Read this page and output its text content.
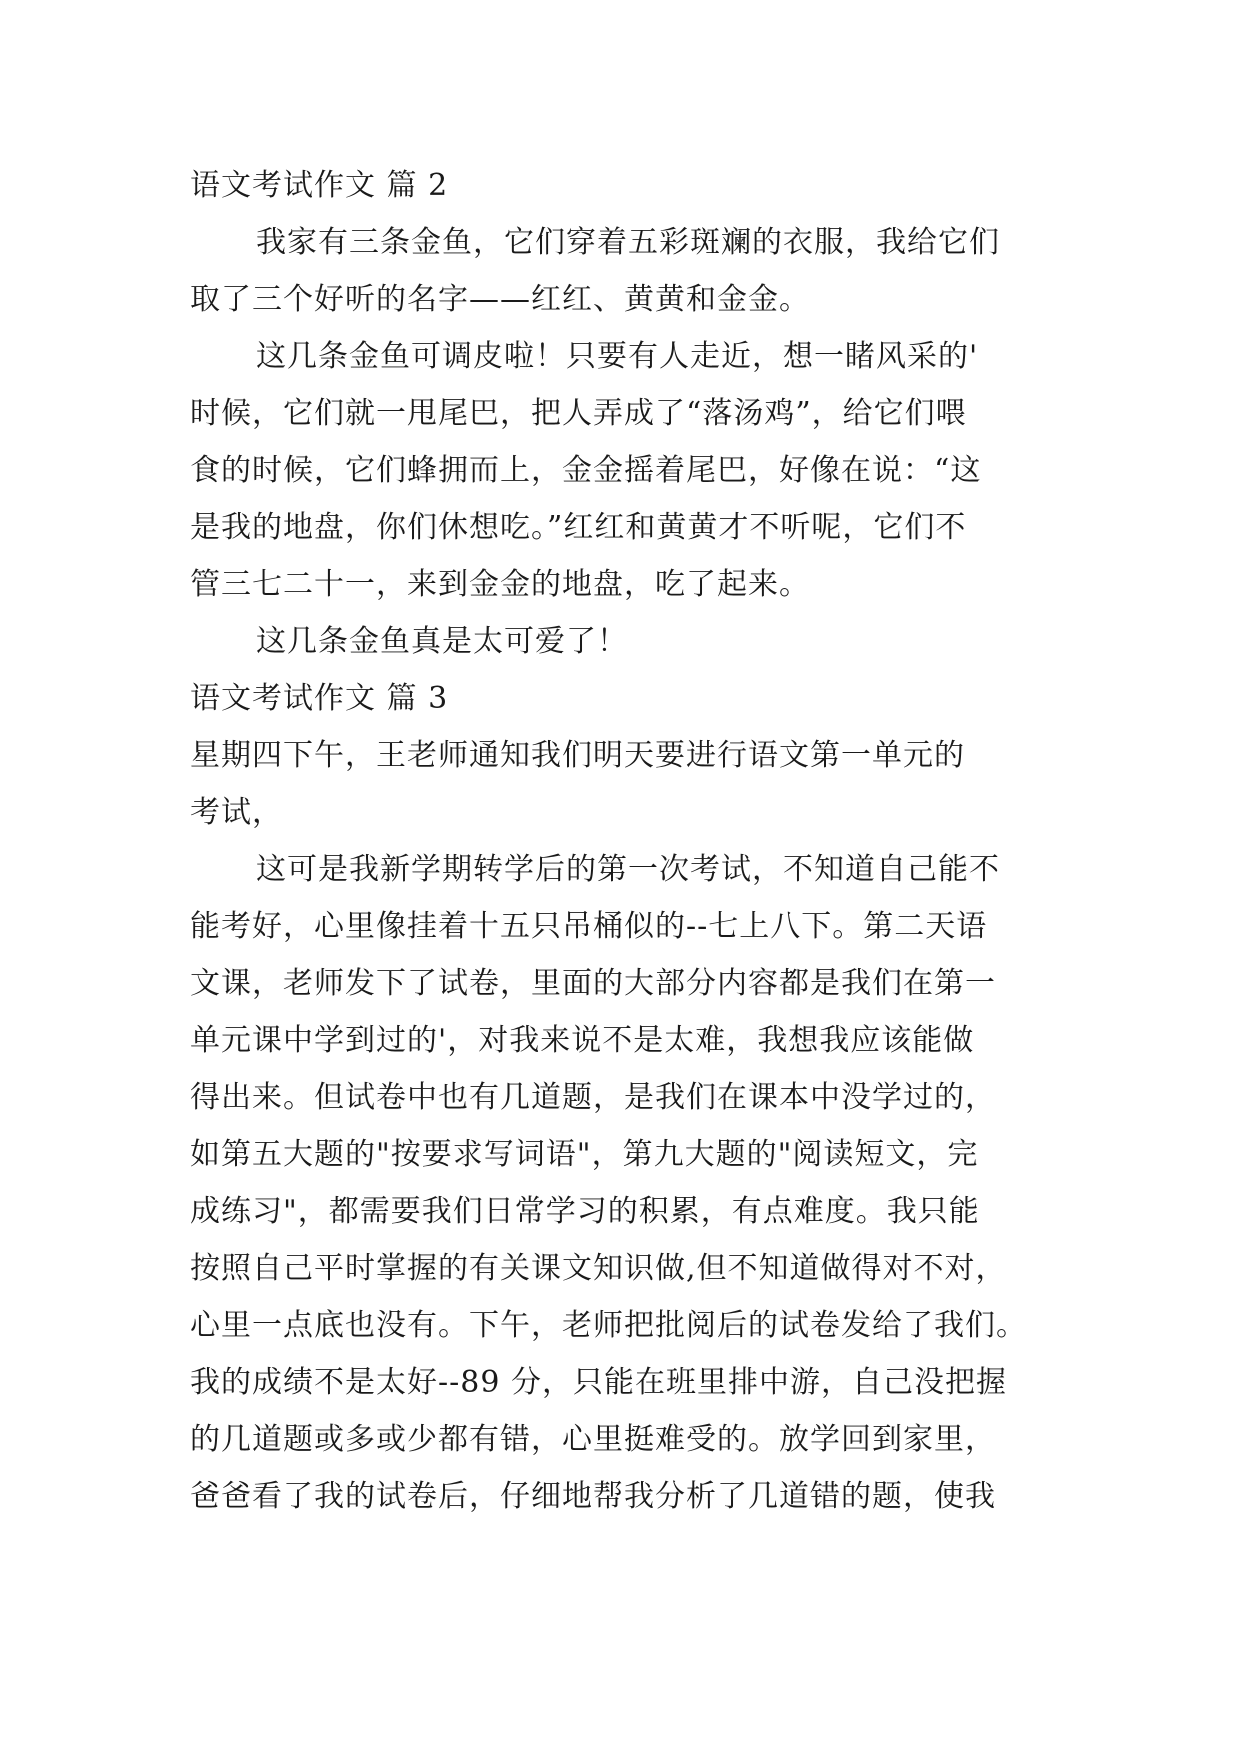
语文考试作文 篇 2
我家有三条金鱼，它们穿着五彩斑斓的衣服，我给它们
取了三个好听的名字——红红、黄黄和金金。
这几条金鱼可调皮啦！只要有人走近，想一睹风采的'
时候，它们就一甩尾巴，把人弄成了“落汤鸡”，给它们喂
食的时候，它们蜂拥而上，金金摇着尾巴，好像在说：“这
是我的地盘，你们休想吃。”红红和黄黄才不听呢，它们不
管三七二十一，来到金金的地盘，吃了起来。
这几条金鱼真是太可爱了！
语文考试作文 篇 3
星期四下午，王老师通知我们明天要进行语文第一单元的
考试，
这可是我新学期转学后的第一次考试，不知道自己能不
能考好，心里像挂着十五只吊桶似的--七上八下。第二天语
文课，老师发下了试卷，里面的大部分内容都是我们在第一
单元课中学到过的'，对我来说不是太难，我想我应该能做
得出来。但试卷中也有几道题，是我们在课本中没学过的，
如第五大题的"按要求写词语"，第九大题的"阅读短文，完
成练习"，都需要我们日常学习的积累，有点难度。我只能
按照自己平时掌握的有关课文知识做,但不知道做得对不对，
心里一点底也没有。下午，老师把批阅后的试卷发给了我们。
我的成绩不是太好--89 分，只能在班里排中游，自己没把握
的几道题或多或少都有错，心里挺难受的。放学回到家里，
爸爸看了我的试卷后，仔细地帮我分析了几道错的题，使我
